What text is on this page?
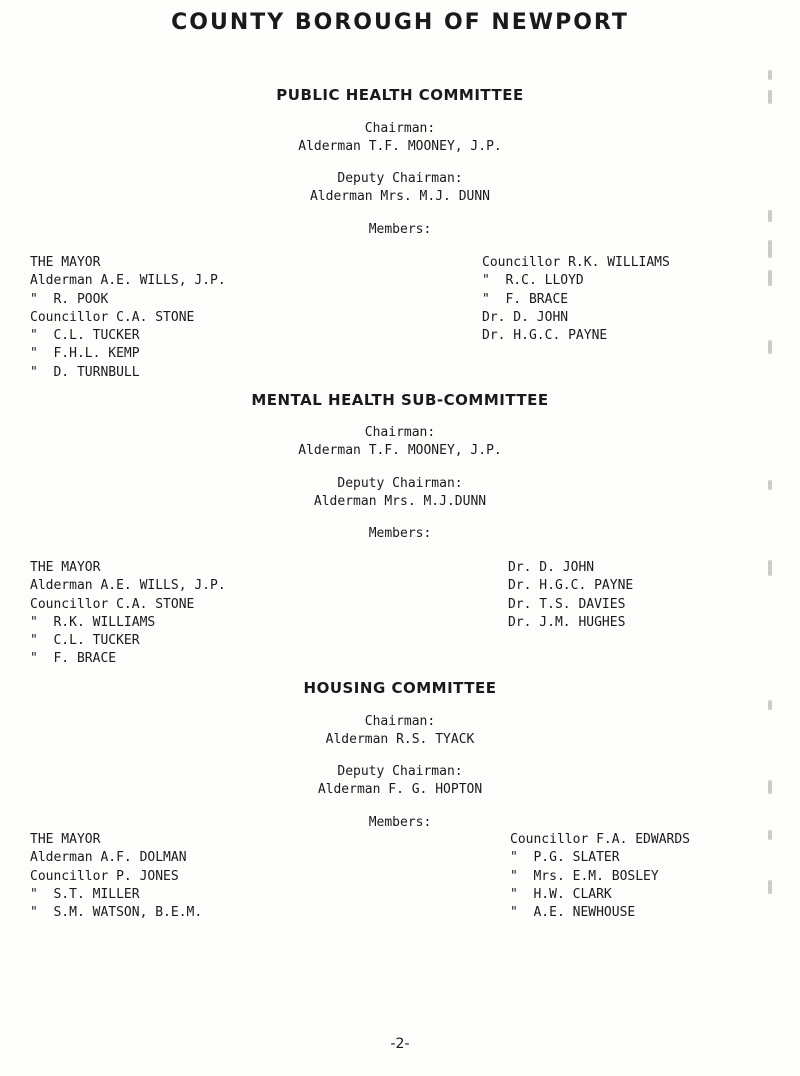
COUNTY BOROUGH OF NEWPORT
PUBLIC HEALTH COMMITTEE
Chairman:
Alderman T.F. MOONEY, J.P.
Deputy Chairman:
Alderman Mrs. M.J. DUNN
Members:
THE MAYOR
Alderman A.E. WILLS, J.P.
"  R. POOK
Councillor C.A. STONE
"  C.L. TUCKER
"  F.H.L. KEMP
"  D. TURNBULL
Councillor R.K. WILLIAMS
"  R.C. LLOYD
"  F. BRACE
Dr. D. JOHN
Dr. H.G.C. PAYNE
MENTAL HEALTH SUB-COMMITTEE
Chairman:
Alderman T.F. MOONEY, J.P.
Deputy Chairman:
Alderman Mrs. M.J.DUNN
Members:
THE MAYOR
Alderman A.E. WILLS, J.P.
Councillor C.A. STONE
"  R.K. WILLIAMS
"  C.L. TUCKER
"  F. BRACE
Dr. D. JOHN
Dr. H.G.C. PAYNE
Dr. T.S. DAVIES
Dr. J.M. HUGHES
HOUSING COMMITTEE
Chairman:
Alderman R.S. TYACK
Deputy Chairman:
Alderman F. G. HOPTON
Members:
THE MAYOR
Alderman A.F. DOLMAN
Councillor P. JONES
"  S.T. MILLER
"  S.M. WATSON, B.E.M.
Councillor F.A. EDWARDS
"  P.G. SLATER
"  Mrs. E.M. BOSLEY
"  H.W. CLARK
"  A.E. NEWHOUSE
-2-
